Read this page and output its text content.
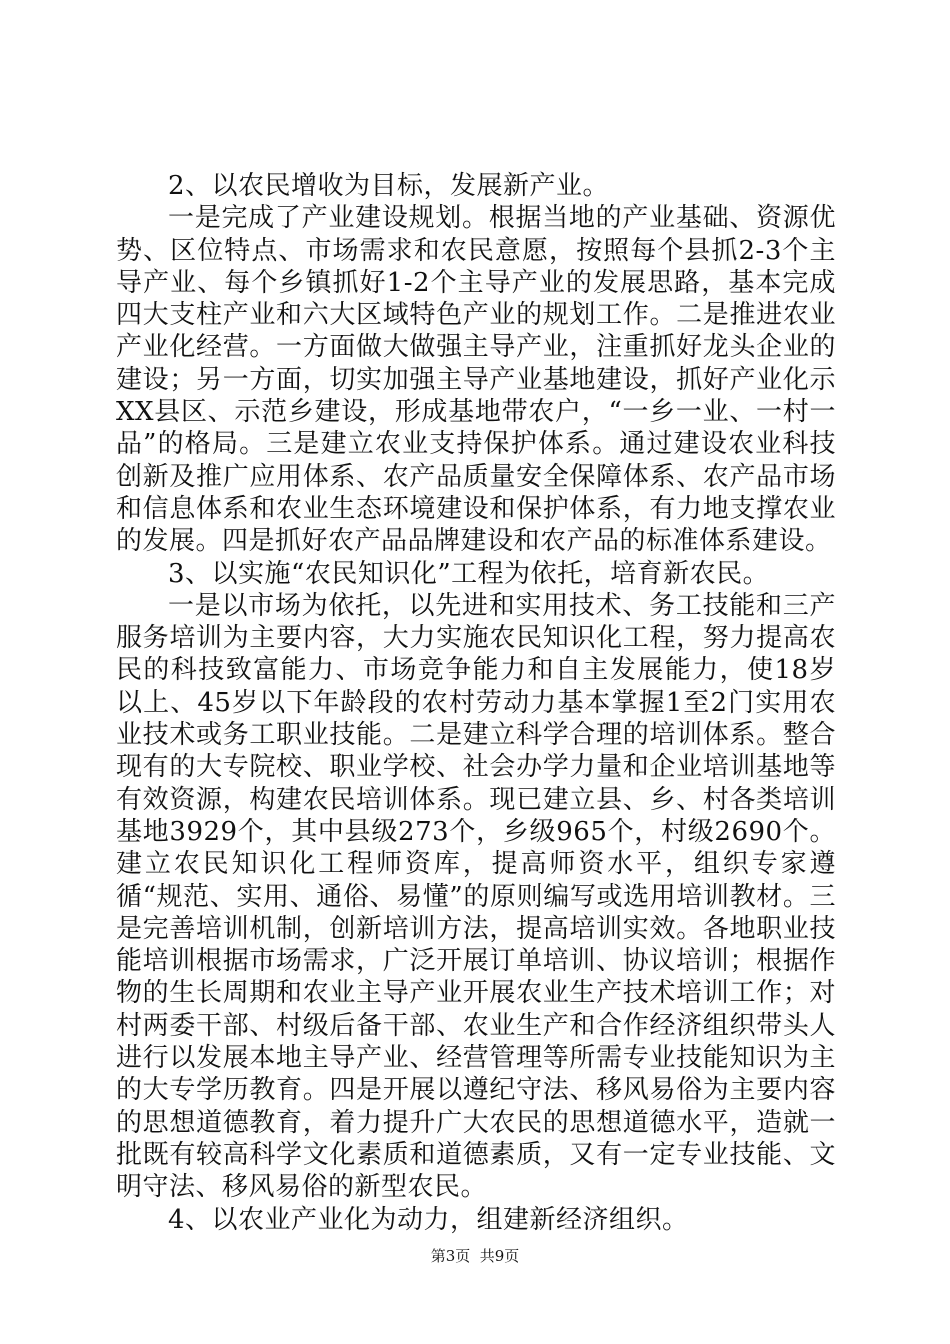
2、以农民增收为目标，发展新产业。

一是完成了产业建设规划。根据当地的产业基础、资源优势、区位特点、市场需求和农民意愿，按照每个县抓2-3个主导产业、每个乡镇抓好1-2个主导产业的发展思路，基本完成四大支柱产业和六大区域特色产业的规划工作。二是推进农业产业化经营。一方面做大做强主导产业，注重抓好龙头企业的建设；另一方面，切实加强主导产业基地建设，抓好产业化示XX县区、示范乡建设，形成基地带农户，“一乡一业、一村一品”的格局。三是建立农业支持保护体系。通过建设农业科技创新及推广应用体系、农产品质量安全保障体系、农产品市场和信息体系和农业生态环境建设和保护体系，有力地支撑农业的发展。四是抓好农产品品牌建设和农产品的标准体系建设。

3、以实施“农民知识化”工程为依托，培育新农民。

一是以市场为依托，以先进和实用技术、务工技能和三产服务培训为主要内容，大力实施农民知识化工程，努力提高农民的科技致富能力、市场竞争能力和自主发展能力，使18岁以上、45岁以下年龄段的农村劳动力基本掌握1至2门实用农业技术或务工职业技能。二是建立科学合理的培训体系。整合现有的大专院校、职业学校、社会办学力量和企业培训基地等有效资源，构建农民培训体系。现已建立县、乡、村各类培训基地3929个，其中县级273个，乡级965个，村级2690个。建立农民知识化工程师资库，提高师资水平，组织专家遵循“规范、实用、通俗、易懂”的原则编写或选用培训教材。三是完善培训机制，创新培训方法，提高培训实效。各地职业技能培训根据市场需求，广泛开展订单培训、协议培训；根据作物的生长周期和农业主导产业开展农业生产技术培训工作；对村两委干部、村级后备干部、农业生产和合作经济组织带头人进行以发展本地主导产业、经营管理等所需专业技能知识为主的大专学历教育。四是开展以遵纪守法、移风易俗为主要内容的思想道德教育，着力提升广大农民的思想道德水平，造就一批既有较高科学文化素质和道德素质，又有一定专业技能、文明守法、移风易俗的新型农民。

4、以农业产业化为动力，组建新经济组织。

第3页  共9页
